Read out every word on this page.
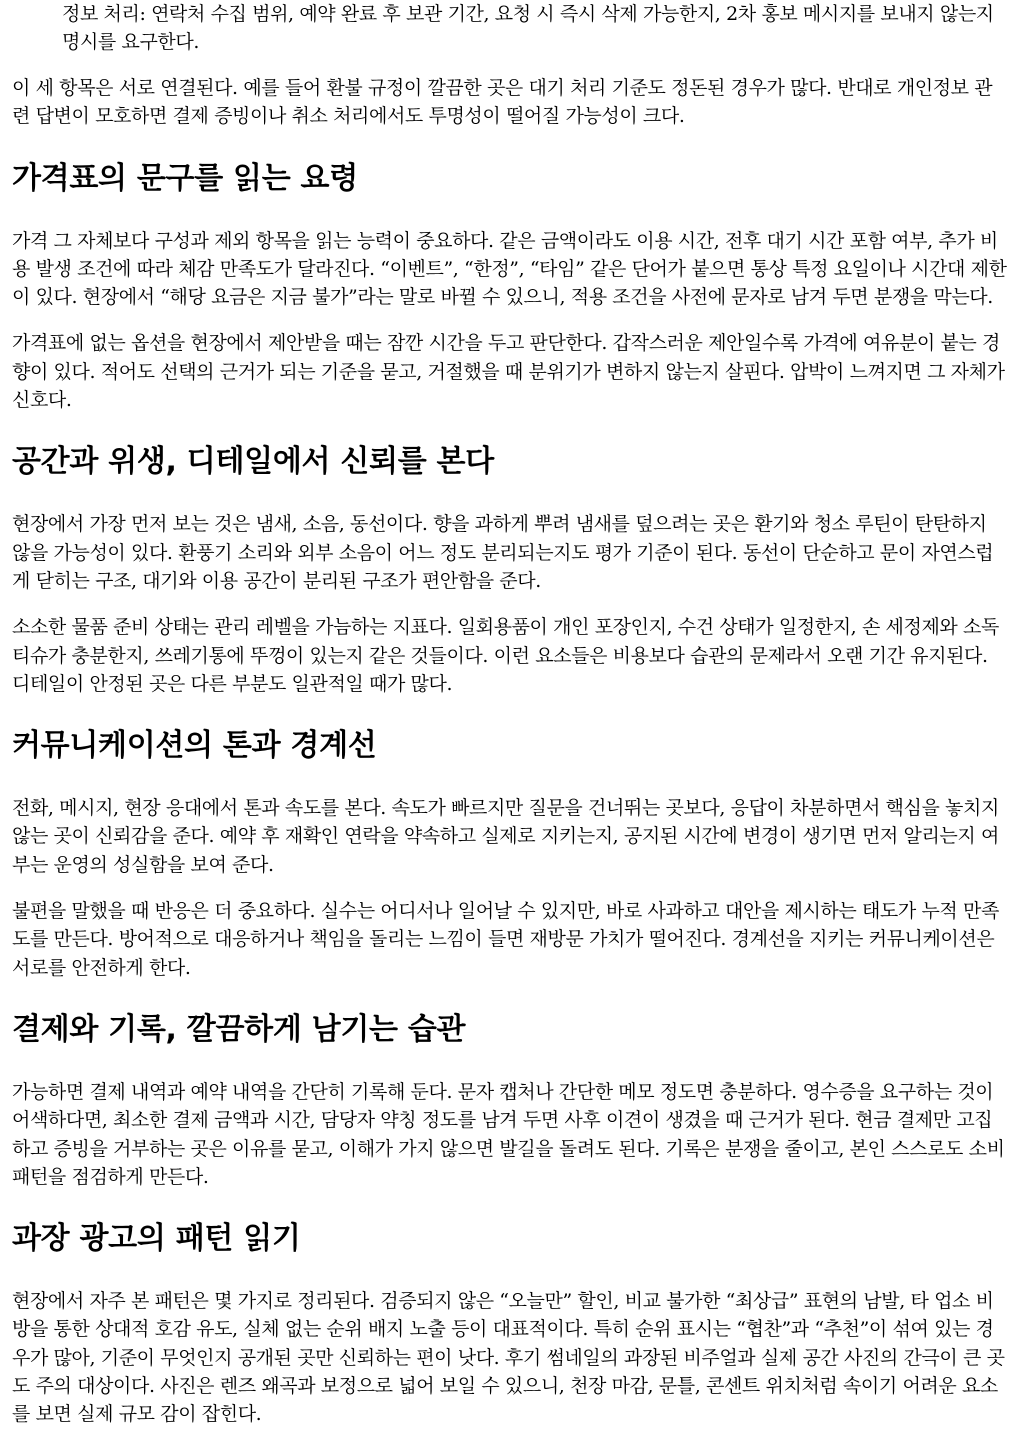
정보 처리: 연락처 수집 범위, 예약 완료 후 보관 기간, 요청 시 즉시 삭제 가능한지, 2차 홍보 메시지를 보내지 않는지 명시를 요구한다.

이 세 항목은 서로 연결된다. 예를 들어 환불 규정이 깔끔한 곳은 대기 처리 기준도 정돈된 경우가 많다. 반대로 개인정보 관련 답변이 모호하면 결제 증빙이나 취소 처리에서도 투명성이 떨어질 가능성이 크다.

가격표의 문구를 읽는 요령

가격 그 자체보다 구성과 제외 항목을 읽는 능력이 중요하다. 같은 금액이라도 이용 시간, 전후 대기 시간 포함 여부, 추가 비용 발생 조건에 따라 체감 만족도가 달라진다. “이벤트”, “한정”, “타임” 같은 단어가 붙으면 통상 특정 요일이나 시간대 제한이 있다. 현장에서 “해당 요금은 지금 불가”라는 말로 바뀔 수 있으니, 적용 조건을 사전에 문자로 남겨 두면 분쟁을 막는다.

가격표에 없는 옵션을 현장에서 제안받을 때는 잠깐 시간을 두고 판단한다. 갑작스러운 제안일수록 가격에 여유분이 붙는 경향이 있다. 적어도 선택의 근거가 되는 기준을 묻고, 거절했을 때 분위기가 변하지 않는지 살핀다. 압박이 느껴지면 그 자체가 신호다.

공간과 위생, 디테일에서 신뢰를 본다

현장에서 가장 먼저 보는 것은 냄새, 소음, 동선이다. 향을 과하게 뿌려 냄새를 덮으려는 곳은 환기와 청소 루틴이 탄탄하지 않을 가능성이 있다. 환풍기 소리와 외부 소음이 어느 정도 분리되는지도 평가 기준이 된다. 동선이 단순하고 문이 자연스럽게 닫히는 구조, 대기와 이용 공간이 분리된 구조가 편안함을 준다.

소소한 물품 준비 상태는 관리 레벨을 가늠하는 지표다. 일회용품이 개인 포장인지, 수건 상태가 일정한지, 손 세정제와 소독 티슈가 충분한지, 쓰레기통에 뚜껑이 있는지 같은 것들이다. 이런 요소들은 비용보다 습관의 문제라서 오랜 기간 유지된다. 디테일이 안정된 곳은 다른 부분도 일관적일 때가 많다.

커뮤니케이션의 톤과 경계선

전화, 메시지, 현장 응대에서 톤과 속도를 본다. 속도가 빠르지만 질문을 건너뛰는 곳보다, 응답이 차분하면서 핵심을 놓치지 않는 곳이 신뢰감을 준다. 예약 후 재확인 연락을 약속하고 실제로 지키는지, 공지된 시간에 변경이 생기면 먼저 알리는지 여부는 운영의 성실함을 보여 준다.

불편을 말했을 때 반응은 더 중요하다. 실수는 어디서나 일어날 수 있지만, 바로 사과하고 대안을 제시하는 태도가 누적 만족도를 만든다. 방어적으로 대응하거나 책임을 돌리는 느낌이 들면 재방문 가치가 떨어진다. 경계선을 지키는 커뮤니케이션은 서로를 안전하게 한다.

결제와 기록, 깔끔하게 남기는 습관

가능하면 결제 내역과 예약 내역을 간단히 기록해 둔다. 문자 캡처나 간단한 메모 정도면 충분하다. 영수증을 요구하는 것이 어색하다면, 최소한 결제 금액과 시간, 담당자 약칭 정도를 남겨 두면 사후 이견이 생겼을 때 근거가 된다. 현금 결제만 고집하고 증빙을 거부하는 곳은 이유를 묻고, 이해가 가지 않으면 발길을 돌려도 된다. 기록은 분쟁을 줄이고, 본인 스스로도 소비 패턴을 점검하게 만든다.

과장 광고의 패턴 읽기

현장에서 자주 본 패턴은 몇 가지로 정리된다. 검증되지 않은 “오늘만” 할인, 비교 불가한 “최상급” 표현의 남발, 타 업소 비방을 통한 상대적 호감 유도, 실체 없는 순위 배지 노출 등이 대표적이다. 특히 순위 표시는 “협찬”과 “추천”이 섞여 있는 경우가 많아, 기준이 무엇인지 공개된 곳만 신뢰하는 편이 낫다. 후기 썸네일의 과장된 비주얼과 실제 공간 사진의 간극이 큰 곳도 주의 대상이다. 사진은 렌즈 왜곡과 보정으로 넓어 보일 수 있으니, 천장 마감, 문틀, 콘센트 위치처럼 속이기 어려운 요소를 보면 실제 규모 감이 잡힌다.
